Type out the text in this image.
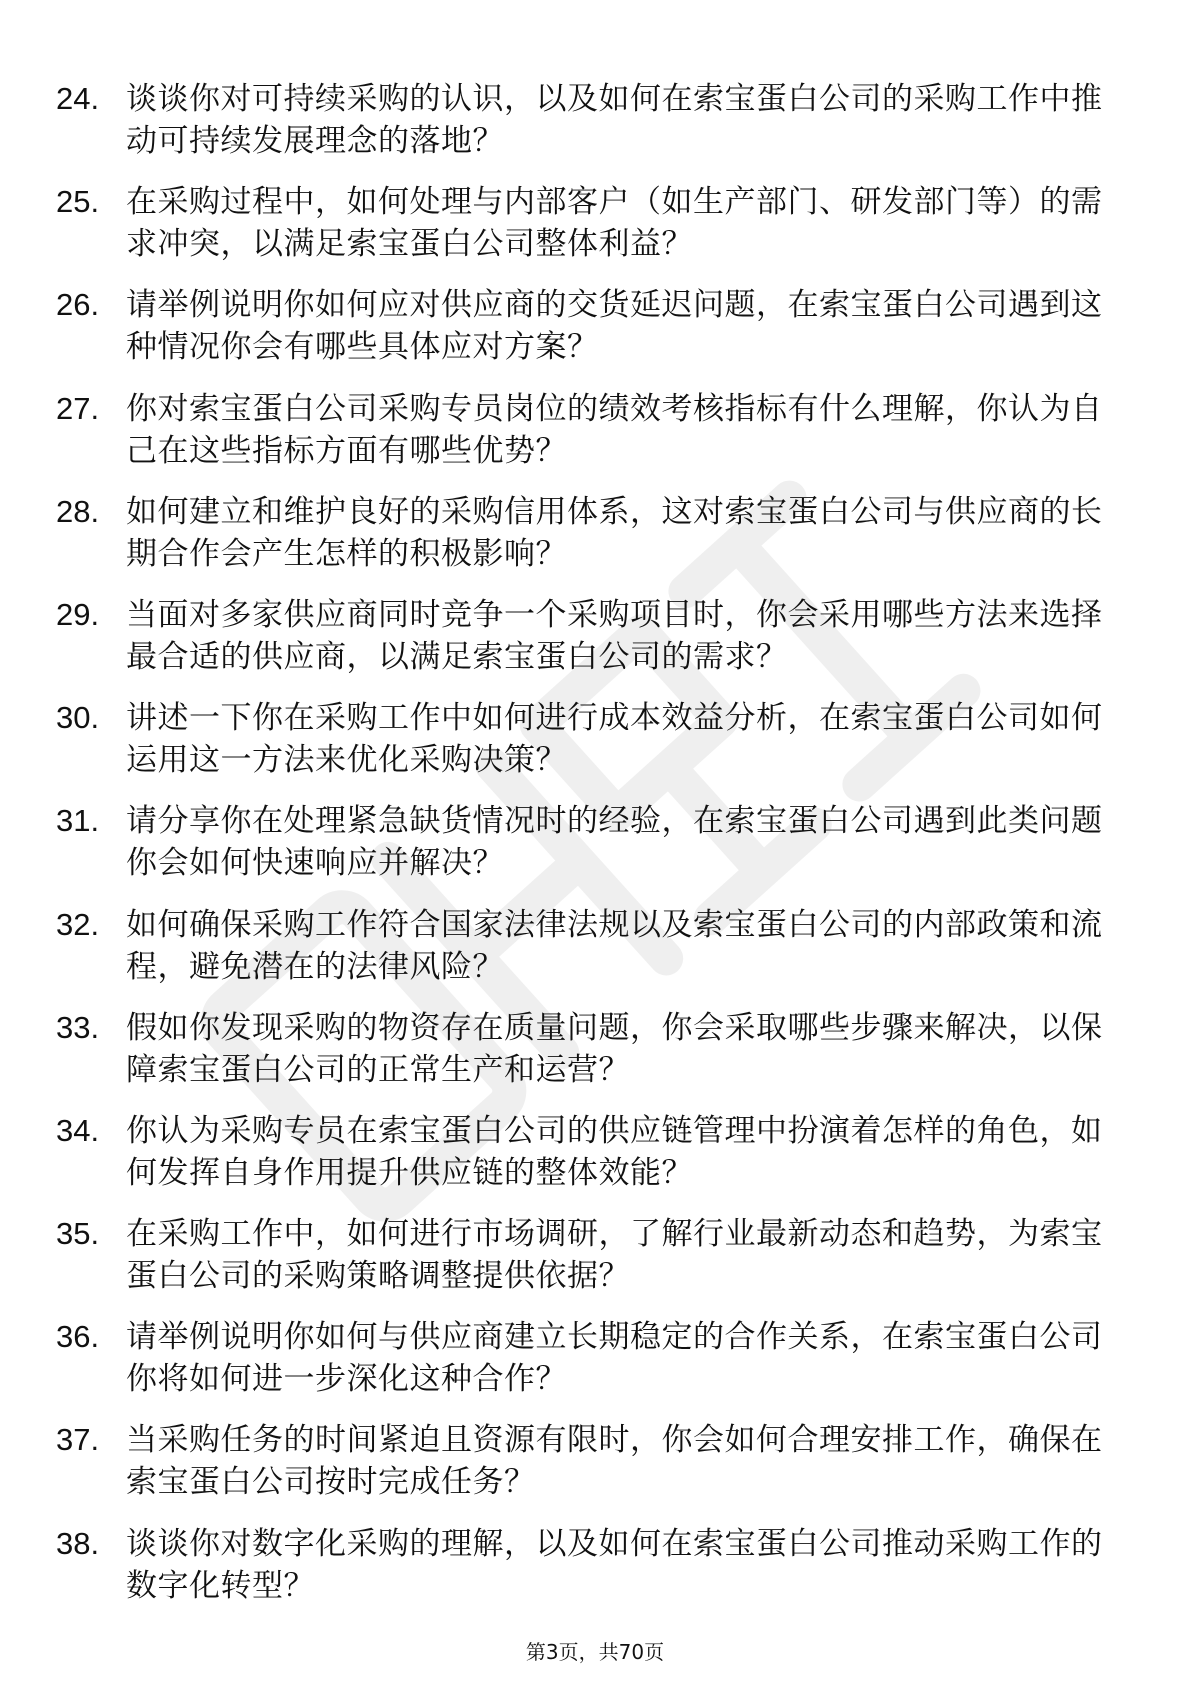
24. 谈谈你对可持续采购的认识，以及如何在索宝蛋白公司的采购工作中推动可持续发展理念的落地？
25. 在采购过程中，如何处理与内部客户（如生产部门、研发部门等）的需求冲突，以满足索宝蛋白公司整体利益？
26. 请举例说明你如何应对供应商的交货延迟问题，在索宝蛋白公司遇到这种情况你会有哪些具体应对方案？
27. 你对索宝蛋白公司采购专员岗位的绩效考核指标有什么理解，你认为自己在这些指标方面有哪些优势？
28. 如何建立和维护良好的采购信用体系，这对索宝蛋白公司与供应商的长期合作会产生怎样的积极影响？
29. 当面对多家供应商同时竞争一个采购项目时，你会采用哪些方法来选择最合适的供应商，以满足索宝蛋白公司的需求？
30. 讲述一下你在采购工作中如何进行成本效益分析，在索宝蛋白公司如何运用这一方法来优化采购决策？
31. 请分享你在处理紧急缺货情况时的经验，在索宝蛋白公司遇到此类问题你会如何快速响应并解决？
32. 如何确保采购工作符合国家法律法规以及索宝蛋白公司的内部政策和流程，避免潜在的法律风险？
33. 假如你发现采购的物资存在质量问题，你会采取哪些步骤来解决，以保障索宝蛋白公司的正常生产和运营？
34. 你认为采购专员在索宝蛋白公司的供应链管理中扮演着怎样的角色，如何发挥自身作用提升供应链的整体效能？
35. 在采购工作中，如何进行市场调研，了解行业最新动态和趋势，为索宝蛋白公司的采购策略调整提供依据？
36. 请举例说明你如何与供应商建立长期稳定的合作关系，在索宝蛋白公司你将如何进一步深化这种合作？
37. 当采购任务的时间紧迫且资源有限时，你会如何合理安排工作，确保在索宝蛋白公司按时完成任务？
38. 谈谈你对数字化采购的理解，以及如何在索宝蛋白公司推动采购工作的数字化转型？
第3页，共70页
